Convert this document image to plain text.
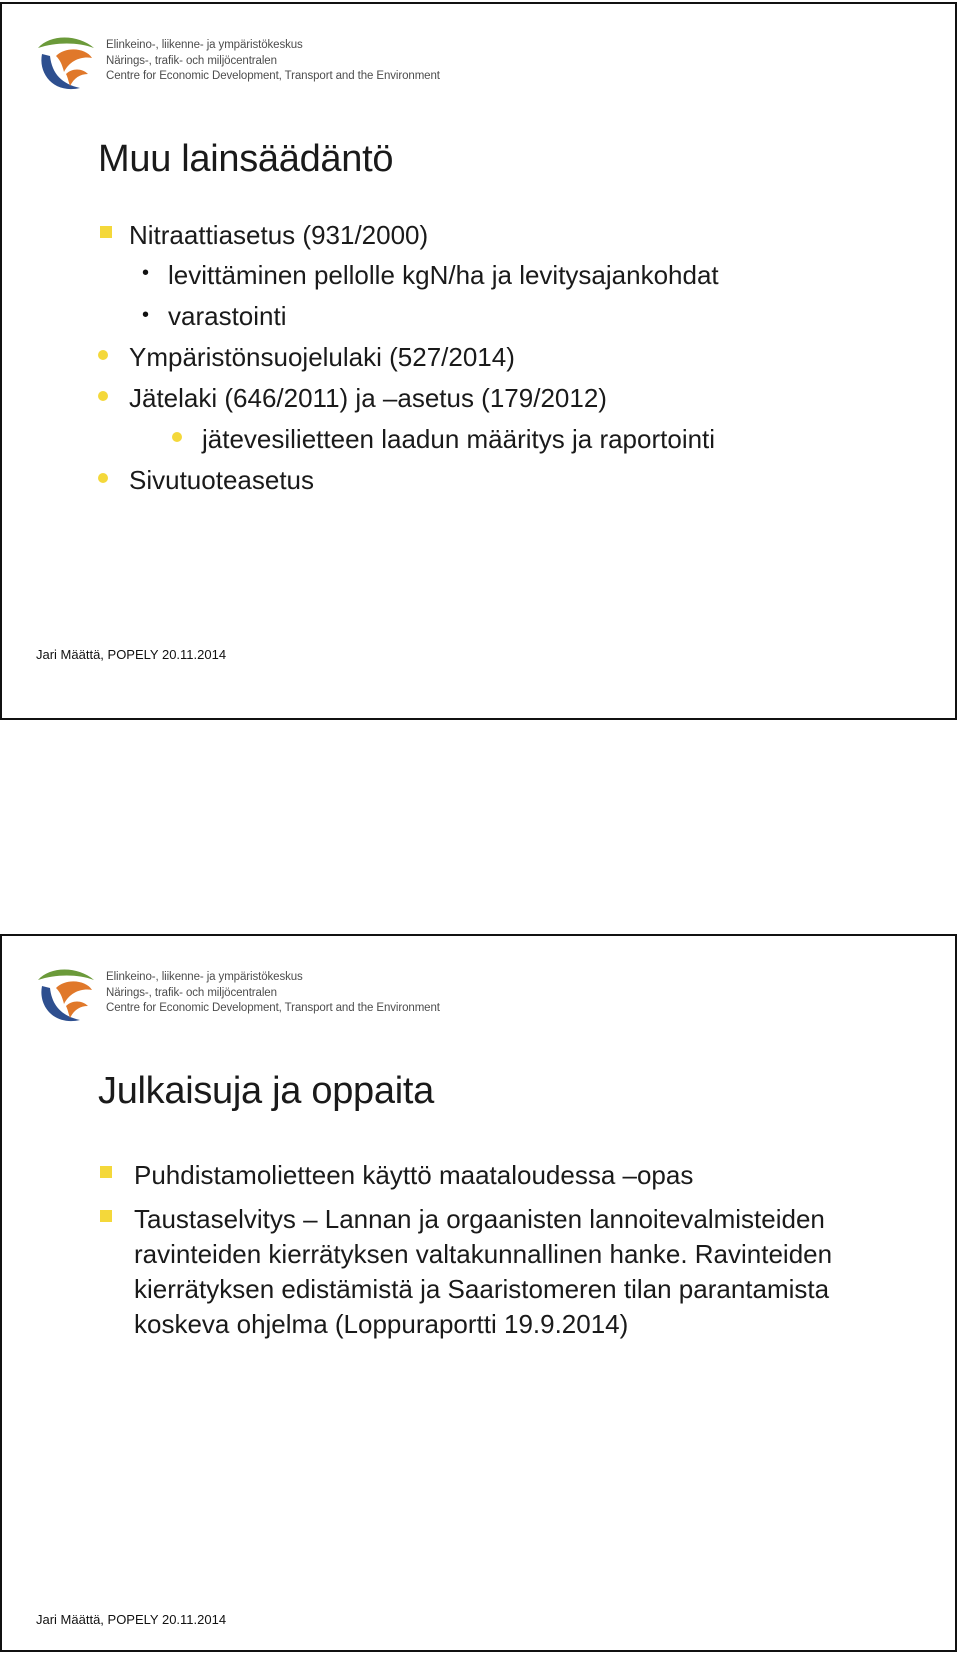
Elinkeino-, liikenne- ja ympäristökeskus
Närings-, trafik- och miljöcentralen
Centre for Economic Development, Transport and the Environment
Muu lainsäädäntö
Nitraattiasetus (931/2000)
• levittäminen pellolle kgN/ha ja levitysajankohdat
• varastointi
Ympäristönsuojelulaki (527/2014)
Jätelaki (646/2011) ja –asetus (179/2012)
jätevesilietteen laadun määritys ja raportointi
Sivutuoteasetus
Jari Määttä, POPELY 20.11.2014
Elinkeino-, liikenne- ja ympäristökeskus
Närings-, trafik- och miljöcentralen
Centre for Economic Development, Transport and the Environment
Julkaisuja ja oppaita
Puhdistamolietteen käyttö maataloudessa –opas
Taustaselvitys – Lannan ja orgaanisten lannoitevalmisteiden ravinteiden kierrätyksen valtakunnallinen hanke. Ravinteiden kierrätyksen edistämistä ja Saaristomeren tilan parantamista koskeva ohjelma (Loppuraportti 19.9.2014)
Jari Määttä, POPELY 20.11.2014
